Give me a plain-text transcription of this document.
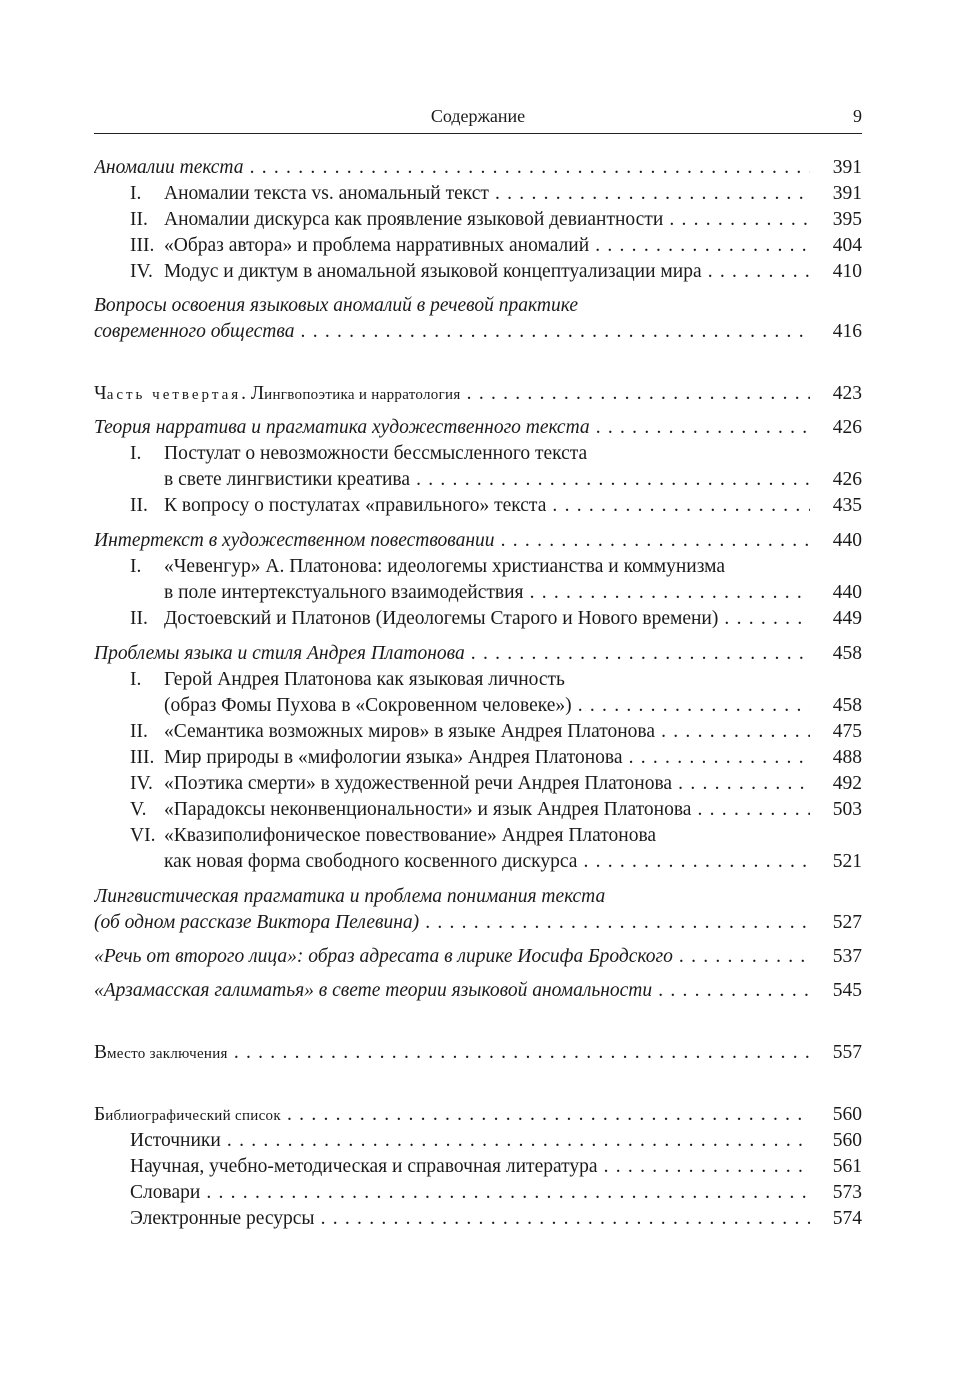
Содержание	9
Аномалии текста . . .	391
I. Аномалии текста vs. аномальный текст . . .	391
II. Аномалии дискурса как проявление языковой девиантности . . .	395
III. «Образ автора» и проблема нарративных аномалий . . .	404
IV. Модус и диктум в аномальной языковой концептуализации мира . . .	410
Вопросы освоения языковых аномалий в речевой практике
современного общества . . .	416
Часть четвертая. Лингвопоэтика и нарратология . . .	423
Теория нарратива и прагматика художественного текста . . .	426
I. Постулат о невозможности бессмысленного текста
в свете лингвистики креатива . . .	426
II. К вопросу о постулатах «правильного» текста . . .	435
Интертекст в художественном повествовании . . .	440
I. «Чевенгур» А. Платонова: идеологемы христианства и коммунизма
в поле интертекстуального взаимодействия . . .	440
II. Достоевский и Платонов (Идеологемы Старого и Нового времени) . . .	449
Проблемы языка и стиля Андрея Платонова . . .	458
I. Герой Андрея Платонова как языковая личность
(образ Фомы Пухова в «Сокровенном человеке») . . .	458
II. «Семантика возможных миров» в языке Андрея Платонова . . .	475
III. Мир природы в «мифологии языка» Андрея Платонова . . .	488
IV. «Поэтика смерти» в художественной речи Андрея Платонова . . .	492
V. «Парадоксы неконвенциональности» и язык Андрея Платонова . . .	503
VI. «Квазиполифоническое повествование» Андрея Платонова
как новая форма свободного косвенного дискурса . . .	521
Лингвистическая прагматика и проблема понимания текста
(об одном рассказе Виктора Пелевина) . . .	527
«Речь от второго лица»: образ адресата в лирике Иосифа Бродского . . .	537
«Арзамасская галиматья» в свете теории языковой аномальности . . .	545
Вместо заключения . . .	557
Библиографический список . . .	560
Источники . . .	560
Научная, учебно-методическая и справочная литература . . .	561
Словари . . .	573
Электронные ресурсы . . .	574
